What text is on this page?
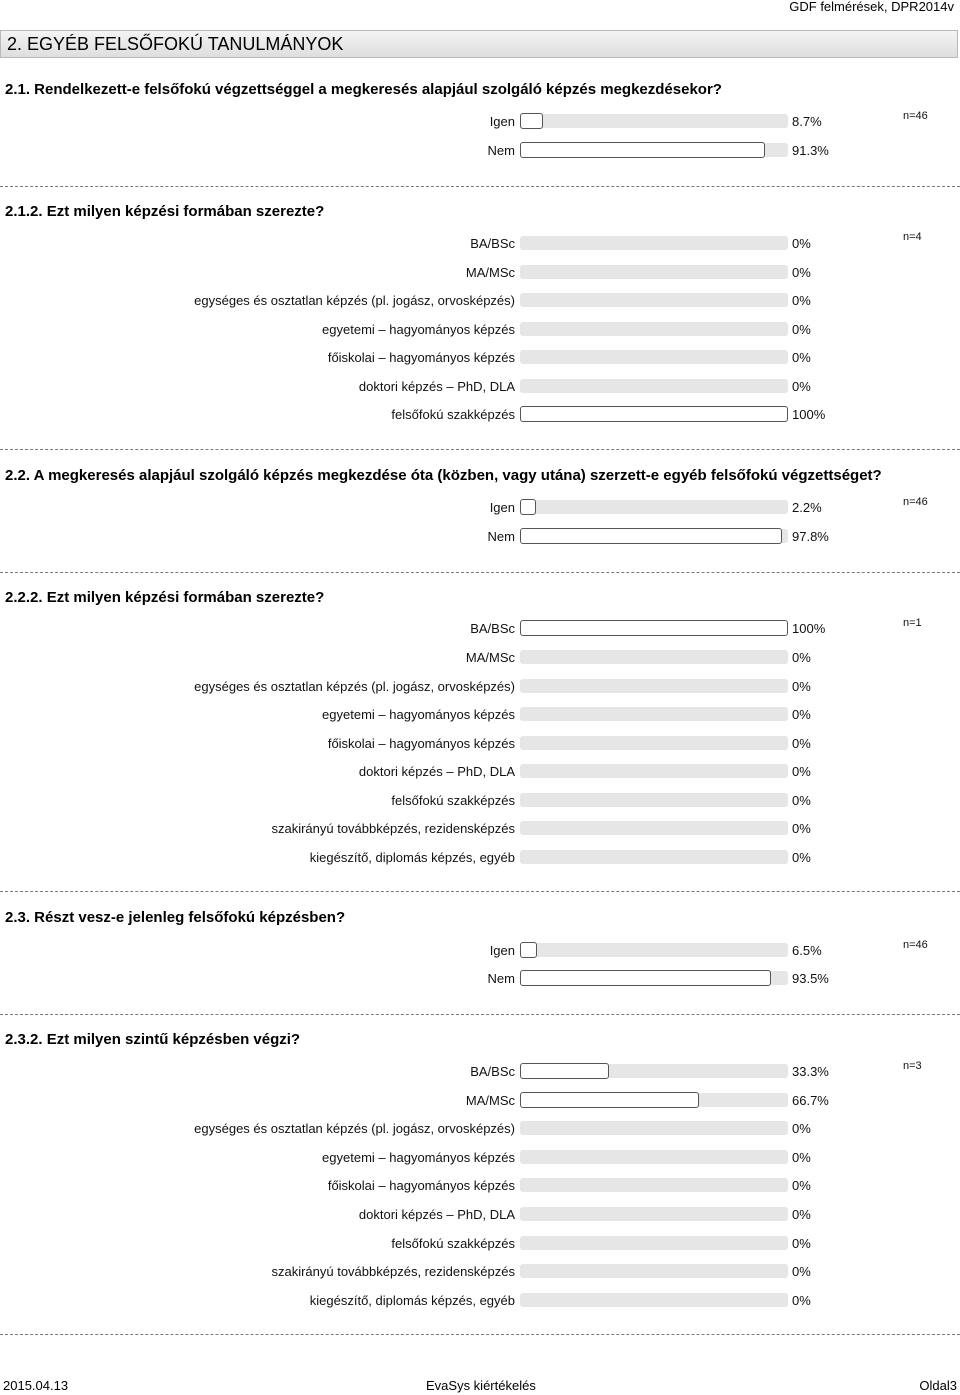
GDF felmérések, DPR2014v
2. EGYÉB FELSŐFOKÚ TANULMÁNYOK
2.1. Rendelkezett-e felsőfokú végzettséggel a megkeresés alapjául szolgáló képzés megkezdésekor?
n=46
Igen	8.7%
Nem	91.3%
2.1.2. Ezt milyen képzési formában szerezte?
n=4
BA/BSc	0%
MA/MSc	0%
egységes és osztatlan képzés (pl. jogász, orvosképzés)	0%
egyetemi – hagyományos képzés	0%
főiskolai – hagyományos képzés	0%
doktori képzés – PhD, DLA	0%
felsőfokú szakképzés	100%
2.2. A megkeresés alapjául szolgáló képzés megkezdése óta (közben, vagy utána) szerzett-e egyéb felsőfokú végzettséget?
n=46
Igen	2.2%
Nem	97.8%
2.2.2. Ezt milyen képzési formában szerezte?
n=1
BA/BSc	100%
MA/MSc	0%
egységes és osztatlan képzés (pl. jogász, orvosképzés)	0%
egyetemi – hagyományos képzés	0%
főiskolai – hagyományos képzés	0%
doktori képzés – PhD, DLA	0%
felsőfokú szakképzés	0%
szakirányú továbbképzés, rezidensképzés	0%
kiegészítő, diplomás képzés, egyéb	0%
2.3. Részt vesz-e jelenleg felsőfokú képzésben?
n=46
Igen	6.5%
Nem	93.5%
2.3.2. Ezt milyen szintű képzésben végzi?
n=3
BA/BSc	33.3%
MA/MSc	66.7%
egységes és osztatlan képzés (pl. jogász, orvosképzés)	0%
egyetemi – hagyományos képzés	0%
főiskolai – hagyományos képzés	0%
doktori képzés – PhD, DLA	0%
felsőfokú szakképzés	0%
szakirányú továbbképzés, rezidensképzés	0%
kiegészítő, diplomás képzés, egyéb	0%
2015.04.13	EvaSys kiértékelés	Oldal3
